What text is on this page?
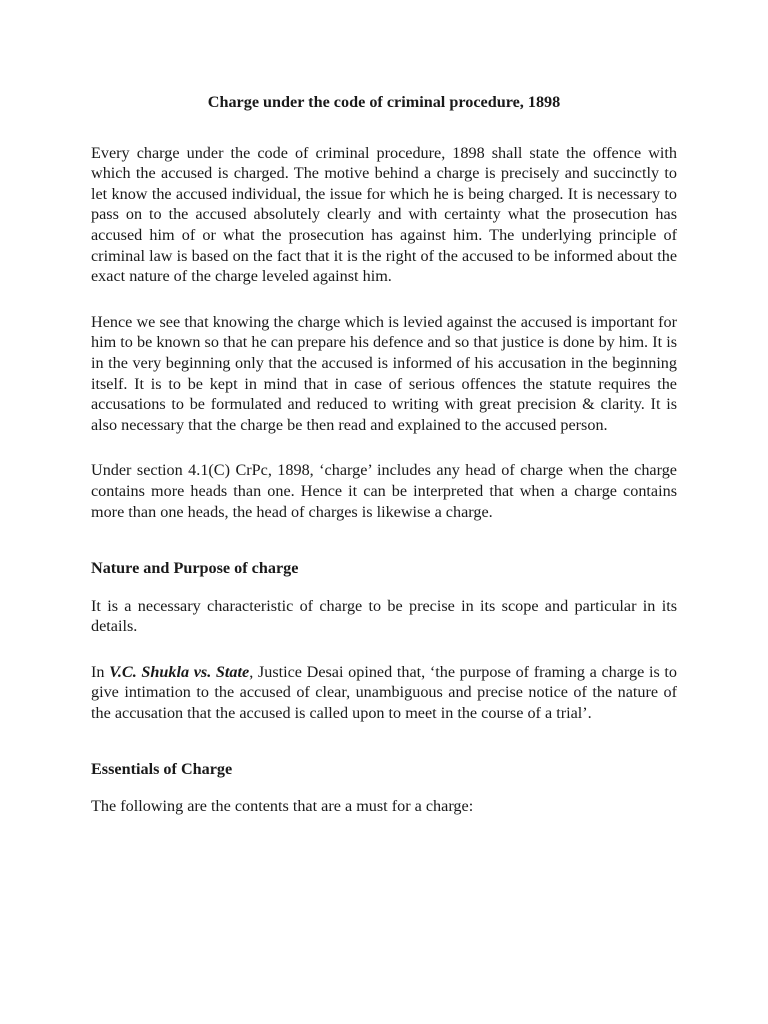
Charge under the code of criminal procedure, 1898

Every charge under the code of criminal procedure, 1898 shall state the offence with which the accused is charged. The motive behind a charge is precisely and succinctly to let know the accused individual, the issue for which he is being charged. It is necessary to pass on to the accused absolutely clearly and with certainty what the prosecution has accused him of or what the prosecution has against him. The underlying principle of criminal law is based on the fact that it is the right of the accused to be informed about the exact nature of the charge leveled against him.

Hence we see that knowing the charge which is levied against the accused is important for him to be known so that he can prepare his defence and so that justice is done by him. It is in the very beginning only that the accused is informed of his accusation in the beginning itself. It is to be kept in mind that in case of serious offences the statute requires the accusations to be formulated and reduced to writing with great precision & clarity. It is also necessary that the charge be then read and explained to the accused person.

Under section 4.1(C) CrPc, 1898, ‘charge’ includes any head of charge when the charge contains more heads than one. Hence it can be interpreted that when a charge contains more than one heads, the head of charges is likewise a charge.

Nature and Purpose of charge

It is a necessary characteristic of charge to be precise in its scope and particular in its details.

In V.C. Shukla vs. State, Justice Desai opined that, ‘the purpose of framing a charge is to give intimation to the accused of clear, unambiguous and precise notice of the nature of the accusation that the accused is called upon to meet in the course of a trial’.

Essentials of Charge

The following are the contents that are a must for a charge:
